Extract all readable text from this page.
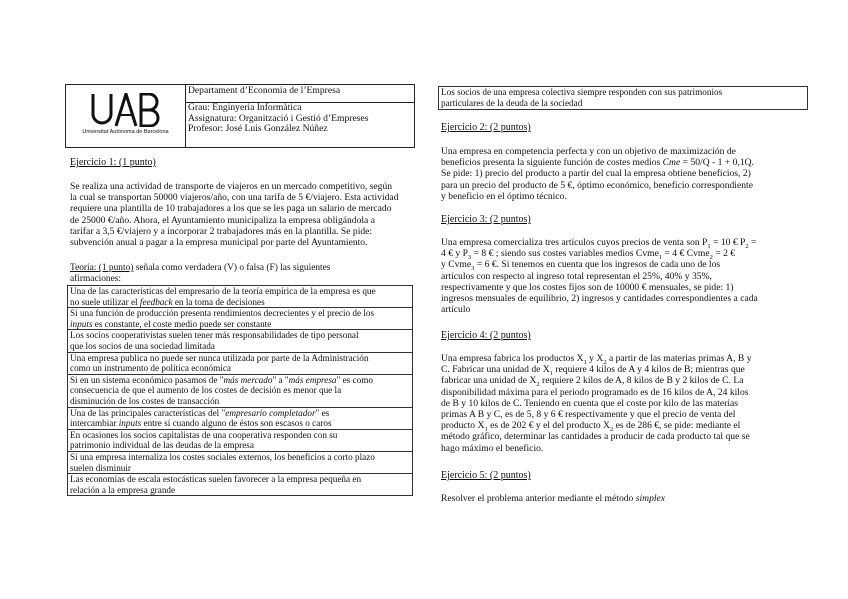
Universitat Autònoma de Barcelona
Departament d’Economia de l’Empresa
Grau: Enginyeria Informàtica
Assignatura: Organització i Gestió d’Empreses
Profesor: José Luis González Núñez
Ejercicio 1: (1 punto)
Se realiza una actividad de transporte de viajeros en un mercado competitivo, según
la cual se transportan 50000 viajeros/año, con una tarifa de 5 €/viajero. Esta actividad
requiere una plantilla de 10 trabajadores a los que se les paga un salario de mercado
de 25000 €/año. Ahora, el Ayuntamiento municipaliza la empresa obligándola a
tarifar a 3,5 €/viajero y a incorporar 2 trabajadores más en la plantilla. Se pide:
subvención anual a pagar a la empresa municipal por parte del Ayuntamiento.
Teoría: (1 punto) señala como verdadera (V) o falsa (F) las siguientes
afirmaciones:
Una de las características del empresario de la teoría empírica de la empresa es que
no suele utilizar el feedback en la toma de decisiones
Si una función de producción presenta rendimientos decrecientes y el precio de los
inputs es constante, el coste medio puede ser constante
Los socios cooperativistas suelen tener más responsabilidades de tipo personal
que los socios de una sociedad limitada
Una empresa publica no puede ser nunca utilizada por parte de la Administración
como un instrumento de política económica
Si en un sistema económico pasamos de "más mercado" a "más empresa" es como
consecuencia de que el aumento de los costes de decisión es menor que la
disminución de los costes de transacción
Una de las principales características del "empresario completador" es
intercambiar inputs entre sí cuando alguno de éstos son escasos o caros
En ocasiones los socios capitalistas de una cooperativa responden con su
patrimonio individual de las deudas de la empresa
Si una empresa internaliza los costes sociales externos, los beneficios a corto plazo
suelen disminuir
Las economías de escala estocásticas suelen favorecer a la empresa pequeña en
relación a la empresa grande
Los socios de una empresa colectiva siempre responden con sus patrimonios
particulares de la deuda de la sociedad
Ejercicio 2: (2 puntos)
Una empresa en competencia perfecta y con un objetivo de maximización de
beneficios presenta la siguiente función de costes medios Cme = 50/Q - 1 + 0,1Q.
Se pide: 1) precio del producto a partir del cual la empresa obtiene beneficios, 2)
para un precio del producto de 5 €, óptimo económico, beneficio correspondiente
y beneficio en el óptimo técnico.
Ejercicio 3: (2 puntos)
Una empresa comercializa tres artículos cuyos precios de venta son $P_1 = 10$ € $P_2$ =
4 € y $P_3 = 8$ € ; siendo sus costes variables medios Cvme$_1$ = 4 € Cvme$_2$ = 2 €
y Cvme$_3$ = 6 €. Si tenemos en cuenta que los ingresos de cada uno de los
artículos con respecto al ingreso total representan el 25%, 40% y 35%,
respectivamente y que los costes fijos son de 10000 € mensuales, se pide: 1)
ingresos mensuales de equilibrio, 2) ingresos y cantidades correspondientes a cada
artículo
Ejercicio 4: (2 puntos)
Una empresa fabrica los productos $X_1$ y $X_2$ a partir de las materias primas A, B y
C. Fabricar una unidad de $X_1$ requiere 4 kilos de A y 4 kilos de B; mientras que
fabricar una unidad de $X_2$ requiere 2 kilos de A, 8 kilos de B y 2 kilos de C. La
disponibilidad máxima para el periodo programado es de 16 kilos de A, 24 kilos
de B y 10 kilos de C. Teniendo en cuenta que el coste por kilo de las materias
primas A B y C, es de 5, 8 y 6 € respectivamente y que el precio de venta del
producto $X_1$ es de 202 € y el del producto $X_2$ es de 286 €, se pide: mediante el
método gráfico, determinar las cantidades a producir de cada producto tal que se
hago máximo el beneficio.
Ejercicio 5: (2 puntos)
Resolver el problema anterior mediante el método simplex
